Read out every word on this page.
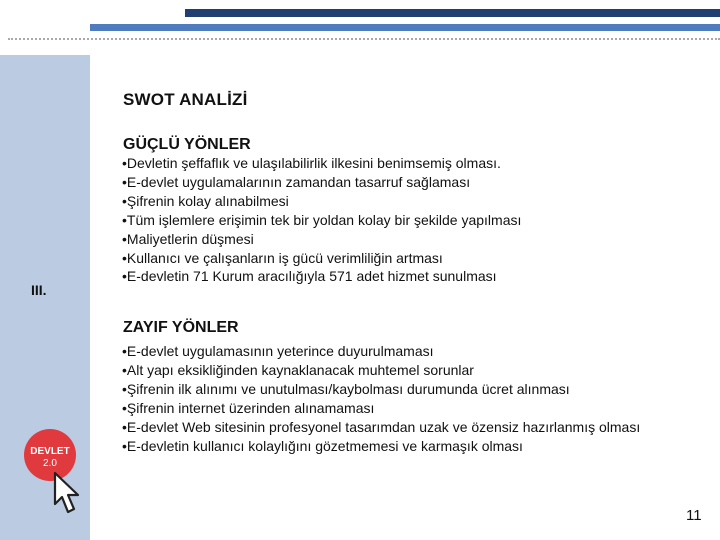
III.
DEVLET
2.0
SWOT ANALİZİ
GÜÇLÜ YÖNLER
•Devletin şeffaflık ve ulaşılabilirlik ilkesini benimsemiş olması.
•E-devlet uygulamalarının zamandan tasarruf sağlaması
•Şifrenin kolay alınabilmesi
•Tüm işlemlere erişimin tek bir yoldan kolay bir şekilde yapılması
•Maliyetlerin düşmesi
•Kullanıcı ve çalışanların iş gücü verimliliğin artması
•E-devletin 71 Kurum aracılığıyla 571 adet hizmet sunulması
ZAYIF YÖNLER
•E-devlet uygulamasının yeterince duyurulmaması
•Alt yapı eksikliğinden kaynaklanacak muhtemel sorunlar
•Şifrenin ilk alınımı ve unutulması/kaybolması durumunda ücret alınması
•Şifrenin internet üzerinden alınamaması
•E-devlet Web sitesinin profesyonel tasarımdan uzak ve özensiz hazırlanmış olması
•E-devletin kullanıcı kolaylığını gözetmemesi ve karmaşık olması
11
